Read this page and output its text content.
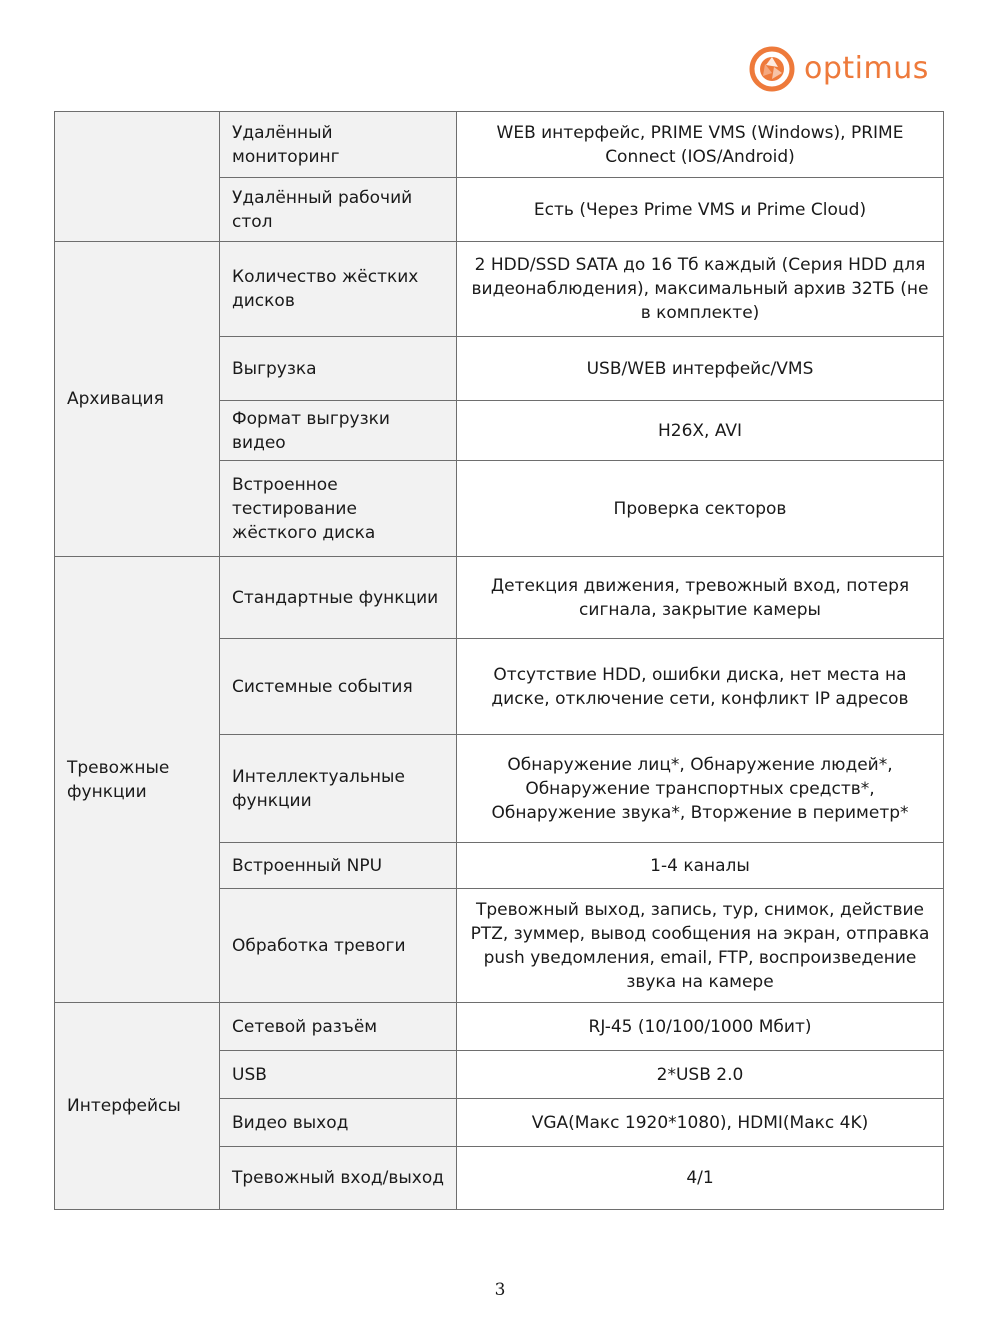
optimus
	Удалённый мониторинг	WEB интерфейс, PRIME VMS (Windows), PRIME Connect (IOS/Android)
	Удалённый рабочий стол	Есть (Через Prime VMS и Prime Cloud)
Архивация	Количество жёстких дисков	2 HDD/SSD SATA до 16 Тб каждый (Серия HDD для видеонаблюдения), максимальный архив 32ТБ (не в комплекте)
	Выгрузка	USB/WEB интерфейс/VMS
	Формат выгрузки видео	H26X, AVI
	Встроенное тестирование жёсткого диска	Проверка секторов
Тревожные функции	Стандартные функции	Детекция движения, тревожный вход, потеря сигнала, закрытие камеры
	Системные события	Отсутствие HDD, ошибки диска, нет места на диске, отключение сети, конфликт IP адресов
	Интеллектуальные функции	Обнаружение лиц*, Обнаружение людей*, Обнаружение транспортных средств*, Обнаружение звука*, Вторжение в периметр*
	Встроенный NPU	1-4 каналы
	Обработка тревоги	Тревожный выход, запись, тур, снимок, действие PTZ, зуммер, вывод сообщения на экран, отправка push уведомления, email, FTP, воспроизведение звука на камере
Интерфейсы	Сетевой разъём	RJ-45 (10/100/1000 Мбит)
	USB	2*USB 2.0
	Видео выход	VGA(Макс 1920*1080), HDMI(Макс 4K)
	Тревожный вход/выход	4/1
3
